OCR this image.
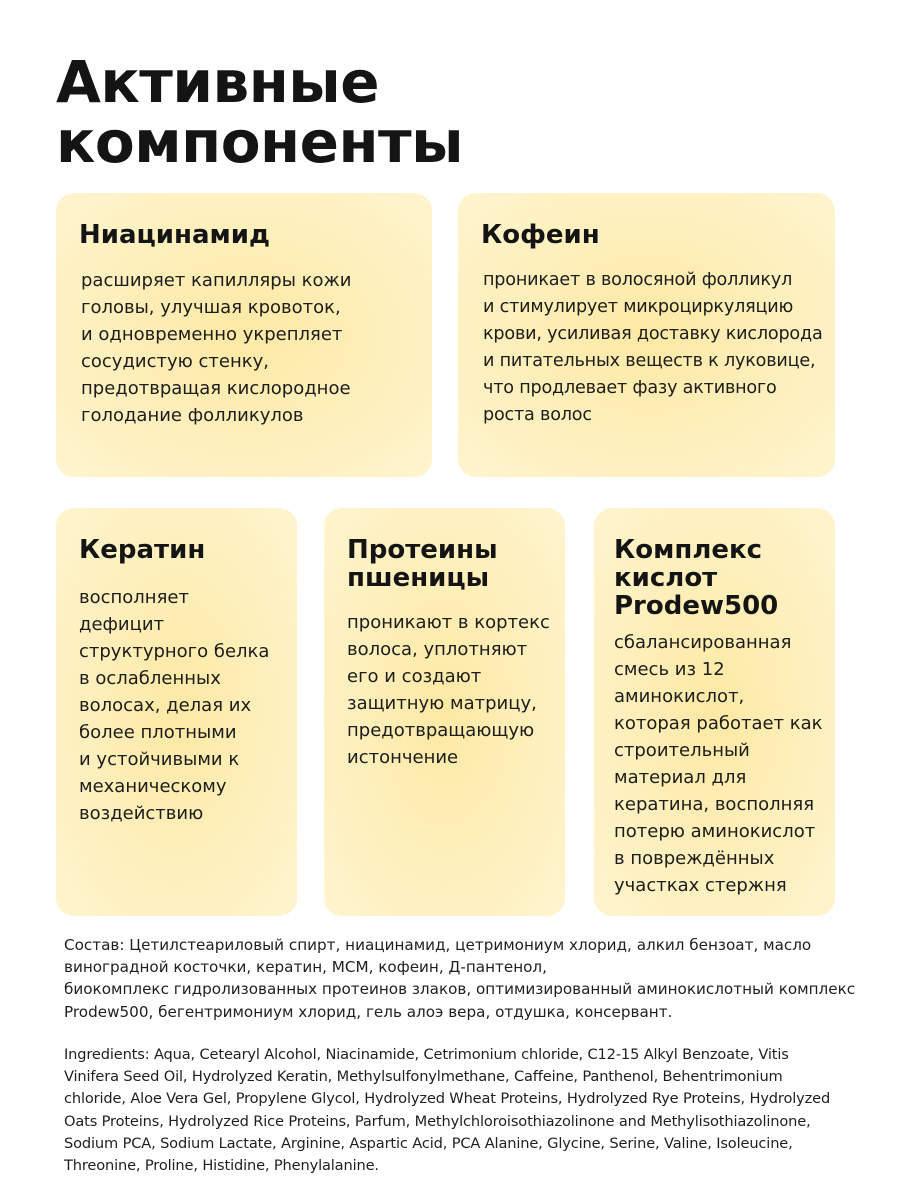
Активные
компоненты
Ниацинамид

расширяет капилляры кожи
головы, улучшая кровоток,
и одновременно укрепляет
сосудистую стенку,
предотвращая кислородное
голодание фолликулов

Кофеин

проникает в волосяной фолликул
и стимулирует микроциркуляцию
крови, усиливая доставку кислорода
и питательных веществ к луковице,
что продлевает фазу активного
роста волос

Кератин

восполняет
дефицит
структурного белка
в ослабленных
волосах, делая их
более плотными
и устойчивыми к
механическому
воздействию

Протеины
пшеницы

проникают в кортекс
волоса, уплотняют
его и создают
защитную матрицу,
предотвращающую
истончение

Комплекс
кислот
Prodew500

сбалансированная
смесь из 12
аминокислот,
которая работает как
строительный
материал для
кератина, восполняя
потерю аминокислот
в повреждённых
участках стержня

Состав: Цетилстеариловый спирт, ниацинамид, цетримониум хлорид, алкил бензоат, масло
виноградной косточки, кератин, MCM, кофеин, Д-пантенол,
биокомплекс гидролизованных протеинов злаков, оптимизированный аминокислотный комплекс
Prodew500, бегентримониум хлорид, гель алоэ вера, отдушка, консервант.
Ingredients: Aqua, Cetearyl Alcohol, Niacinamide, Cetrimonium chloride, C12-15 Alkyl Benzoate, Vitis
Vinifera Seed Oil, Hydrolyzed Keratin, Methylsulfonylmethane, Caffeine, Panthenol, Behentrimonium
chloride, Aloe Vera Gel, Propylene Glycol, Hydrolyzed Wheat Proteins, Hydrolyzed Rye Proteins, Hydrolyzed
Oats Proteins, Hydrolyzed Rice Proteins, Parfum, Methylchloroisothiazolinone and Methylisothiazolinone,
Sodium PCA, Sodium Lactate, Arginine, Aspartic Acid, PCA Alanine, Glycine, Serine, Valine, Isoleucine,
Threonine, Proline, Histidine, Phenylalanine.
